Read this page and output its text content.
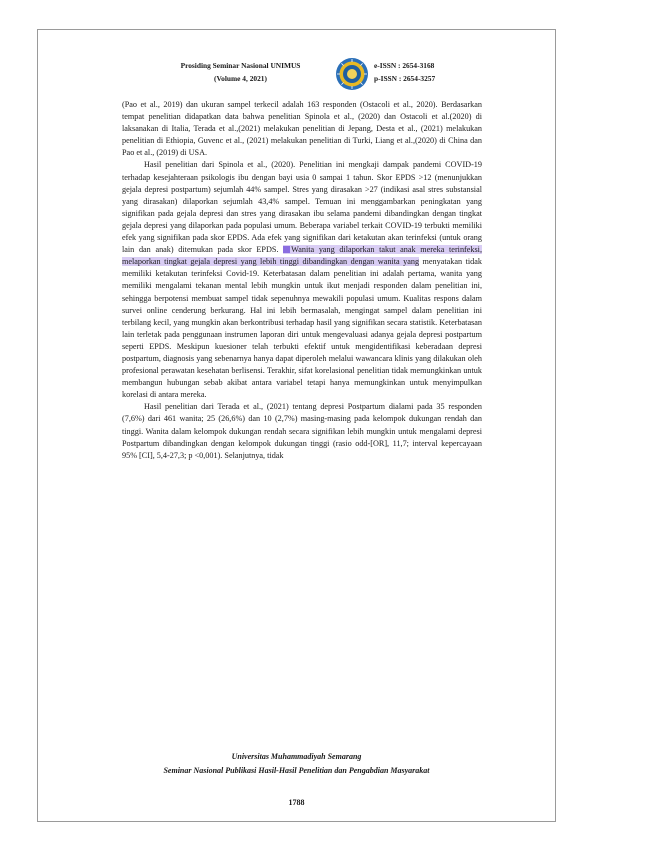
Prosiding Seminar Nasional UNIMUS
(Volume 4, 2021)
e-ISSN : 2654-3168
p-ISSN : 2654-3257

(Pao et al., 2019) dan ukuran sampel terkecil adalah 163 responden (Ostacoli et al., 2020). Berdasarkan tempat penelitian didapatkan data bahwa penelitian Spinola et al., (2020) dan Ostacoli et al.(2020) di laksanakan di Italia, Terada et al.,(2021) melakukan penelitian di Jepang, Desta et al., (2021) melakukan penelitian di Ethiopia, Guvenc et al., (2021) melakukan penelitian di Turki, Liang et al.,(2020) di China dan Pao et al., (2019) di USA.

Hasil penelitian dari Spinola et al., (2020). Penelitian ini mengkaji dampak pandemi COVID-19 terhadap kesejahteraan psikologis ibu dengan bayi usia 0 sampai 1 tahun. Skor EPDS >12 (menunjukkan gejala depresi postpartum) sejumlah 44% sampel. Stres yang dirasakan >27 (indikasi asal stres substansial yang dirasakan) dilaporkan sejumlah 43,4% sampel. Temuan ini menggambarkan peningkatan yang signifikan pada gejala depresi dan stres yang dirasakan ibu selama pandemi dibandingkan dengan tingkat gejala depresi yang dilaporkan pada populasi umum. Beberapa variabel terkait COVID-19 terbukti memiliki efek yang signifikan pada skor EPDS. Ada efek yang signifikan dari ketakutan akan terinfeksi (untuk orang lain dan anak) ditemukan pada skor EPDS. Wanita yang dilaporkan takut anak mereka terinfeksi, melaporkan tingkat gejala depresi yang lebih tinggi dibandingkan dengan wanita yang menyatakan tidak memiliki ketakutan terinfeksi Covid-19. Keterbatasan dalam penelitian ini adalah pertama, wanita yang memiliki mengalami tekanan mental lebih mungkin untuk ikut menjadi responden dalam penelitian ini, sehingga berpotensi membuat sampel tidak sepenuhnya mewakili populasi umum. Kualitas respons dalam survei online cenderung berkurang. Hal ini lebih bermasalah, mengingat sampel dalam penelitian ini terbilang kecil, yang mungkin akan berkontribusi terhadap hasil yang signifikan secara statistik. Keterbatasan lain terletak pada penggunaan instrumen laporan diri untuk mengevaluasi adanya gejala depresi postpartum seperti EPDS. Meskipun kuesioner telah terbukti efektif untuk mengidentifikasi keberadaan depresi postpartum, diagnosis yang sebenarnya hanya dapat diperoleh melalui wawancara klinis yang dilakukan oleh profesional perawatan kesehatan berlisensi. Terakhir, sifat korelasional penelitian tidak memungkinkan untuk membangun hubungan sebab akibat antara variabel tetapi hanya memungkinkan untuk menyimpulkan korelasi di antara mereka.

Hasil penelitian dari Terada et al., (2021) tentang depresi Postpartum dialami pada 35 responden (7,6%) dari 461 wanita; 25 (26,6%) dan 10 (2,7%) masing-masing pada kelompok dukungan rendah dan tinggi. Wanita dalam kelompok dukungan rendah secara signifikan lebih mungkin untuk mengalami depresi Postpartum dibandingkan dengan kelompok dukungan tinggi (rasio odd-[OR], 11,7; interval kepercayaan 95% [CI], 5,4-27,3; p <0,001). Selanjutnya, tidak

Universitas Muhammadiyah Semarang
Seminar Nasional Publikasi Hasil-Hasil Penelitian dan Pengabdian Masyarakat
1788
